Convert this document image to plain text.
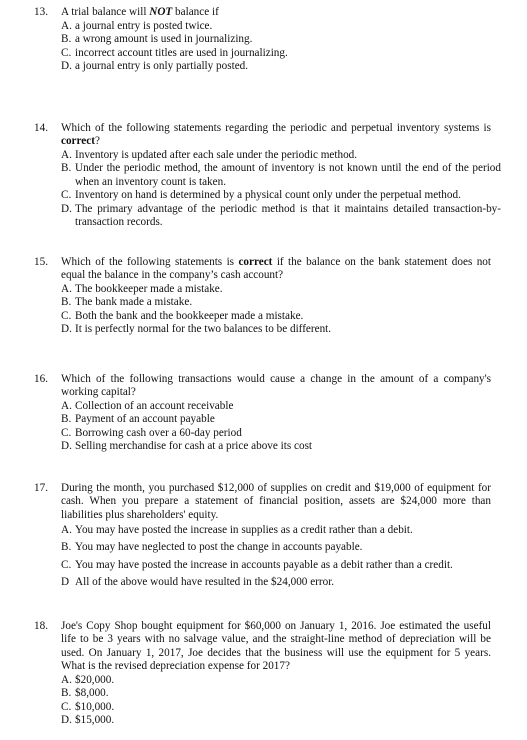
13. A trial balance will NOT balance if
A. a journal entry is posted twice.
B. a wrong amount is used in journalizing.
C. incorrect account titles are used in journalizing.
D. a journal entry is only partially posted.
14. Which of the following statements regarding the periodic and perpetual inventory systems is correct?
A. Inventory is updated after each sale under the periodic method.
B. Under the periodic method, the amount of inventory is not known until the end of the period when an inventory count is taken.
C. Inventory on hand is determined by a physical count only under the perpetual method.
D. The primary advantage of the periodic method is that it maintains detailed transaction-by-transaction records.
15. Which of the following statements is correct if the balance on the bank statement does not equal the balance in the company’s cash account?
A. The bookkeeper made a mistake.
B. The bank made a mistake.
C. Both the bank and the bookkeeper made a mistake.
D. It is perfectly normal for the two balances to be different.
16. Which of the following transactions would cause a change in the amount of a company's working capital?
A. Collection of an account receivable
B. Payment of an account payable
C. Borrowing cash over a 60-day period
D. Selling merchandise for cash at a price above its cost
17. During the month, you purchased $12,000 of supplies on credit and $19,000 of equipment for cash. When you prepare a statement of financial position, assets are $24,000 more than liabilities plus shareholders' equity.
A. You may have posted the increase in supplies as a credit rather than a debit.
B. You may have neglected to post the change in accounts payable.
C. You may have posted the increase in accounts payable as a debit rather than a credit.
D All of the above would have resulted in the $24,000 error.
18. Joe's Copy Shop bought equipment for $60,000 on January 1, 2016. Joe estimated the useful life to be 3 years with no salvage value, and the straight-line method of depreciation will be used. On January 1, 2017, Joe decides that the business will use the equipment for 5 years. What is the revised depreciation expense for 2017?
A. $20,000.
B. $8,000.
C. $10,000.
D. $15,000.
